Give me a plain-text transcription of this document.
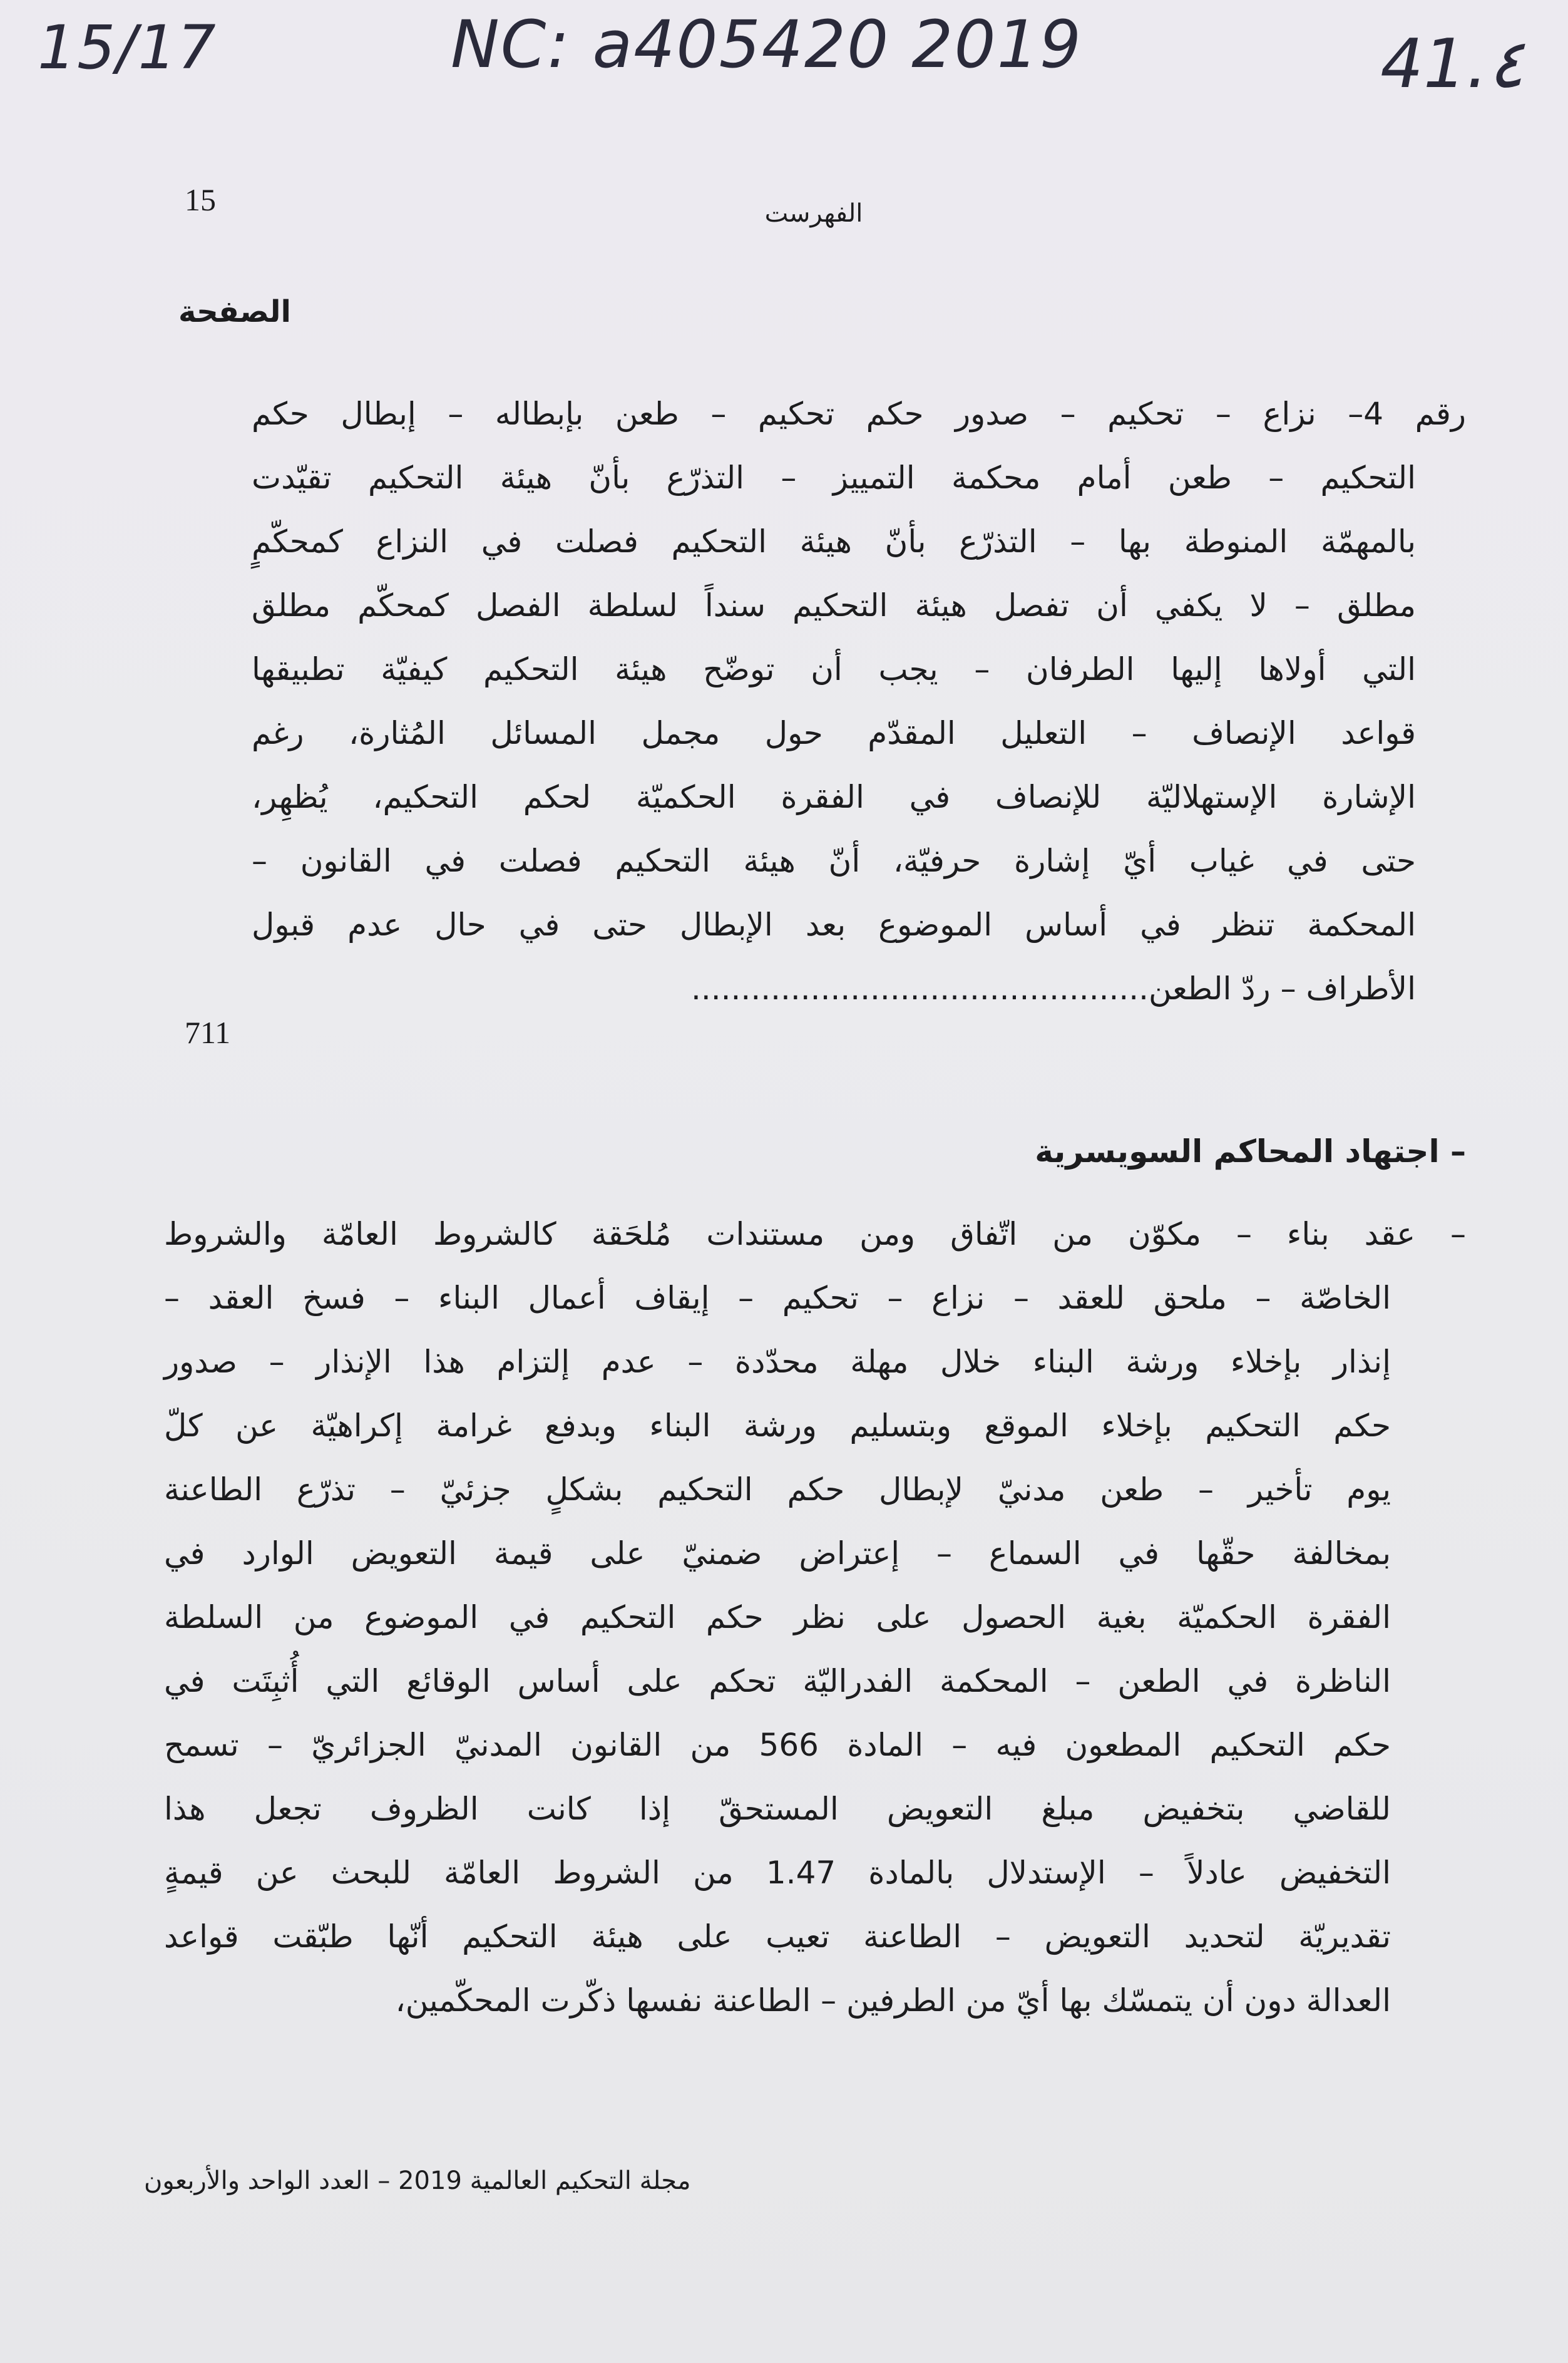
15/17	NC: a405420 2019	41.٤
15	الفهرست
الصفحة
رقم 4– نزاع – تحكيم – صدور حكم تحكيم – طعن بإبطاله – إبطال حكم
التحكيم – طعن أمام محكمة التمييز – التذرّع بأنّ هيئة التحكيم تقيّدت
بالمهمّة المنوطة بها – التذرّع بأنّ هيئة التحكيم فصلت في النزاع كمحكّمٍ
مطلق – لا يكفي أن تفصل هيئة التحكيم سنداً لسلطة الفصل كمحكّم مطلق
التي أولاها إليها الطرفان – يجب أن توضّح هيئة التحكيم كيفيّة تطبيقها
قواعد الإنصاف – التعليل المقدّم حول مجمل المسائل المُثارة، رغم
الإشارة الإستهلاليّة للإنصاف في الفقرة الحكميّة لحكم التحكيم، يُظهِر،
حتى في غياب أيّ إشارة حرفيّة، أنّ هيئة التحكيم فصلت في القانون –
المحكمة تنظر في أساس الموضوع بعد الإبطال حتى في حال عدم قبول
الأطراف – ردّ الطعن..............................................
711
– اجتهاد المحاكم السويسرية
– عقد بناء – مكوّن من اتّفاق ومن مستندات مُلحَقة كالشروط العامّة والشروط
الخاصّة – ملحق للعقد – نزاع – تحكيم – إيقاف أعمال البناء – فسخ العقد –
إنذار بإخلاء ورشة البناء خلال مهلة محدّدة – عدم إلتزام هذا الإنذار – صدور
حكم التحكيم بإخلاء الموقع وبتسليم ورشة البناء وبدفع غرامة إكراهيّة عن كلّ
يوم تأخير – طعن مدنيّ لإبطال حكم التحكيم بشكلٍ جزئيّ – تذرّع الطاعنة
بمخالفة حقّها في السماع – إعتراض ضمنيّ على قيمة التعويض الوارد في
الفقرة الحكميّة بغية الحصول على نظر حكم التحكيم في الموضوع من السلطة
الناظرة في الطعن – المحكمة الفدراليّة تحكم على أساس الوقائع التي أُثبِتَت في
حكم التحكيم المطعون فيه – المادة 566 من القانون المدنيّ الجزائريّ – تسمح
للقاضي بتخفيض مبلغ التعويض المستحقّ إذا كانت الظروف تجعل هذا
التخفيض عادلاً – الإستدلال بالمادة 1.47 من الشروط العامّة للبحث عن قيمةٍ
تقديريّة لتحديد التعويض – الطاعنة تعيب على هيئة التحكيم أنّها طبّقت قواعد
العدالة دون أن يتمسّك بها أيّ من الطرفين – الطاعنة نفسها ذكّرت المحكّمين،
مجلة التحكيم العالمية 2019 – العدد الواحد والأربعون
